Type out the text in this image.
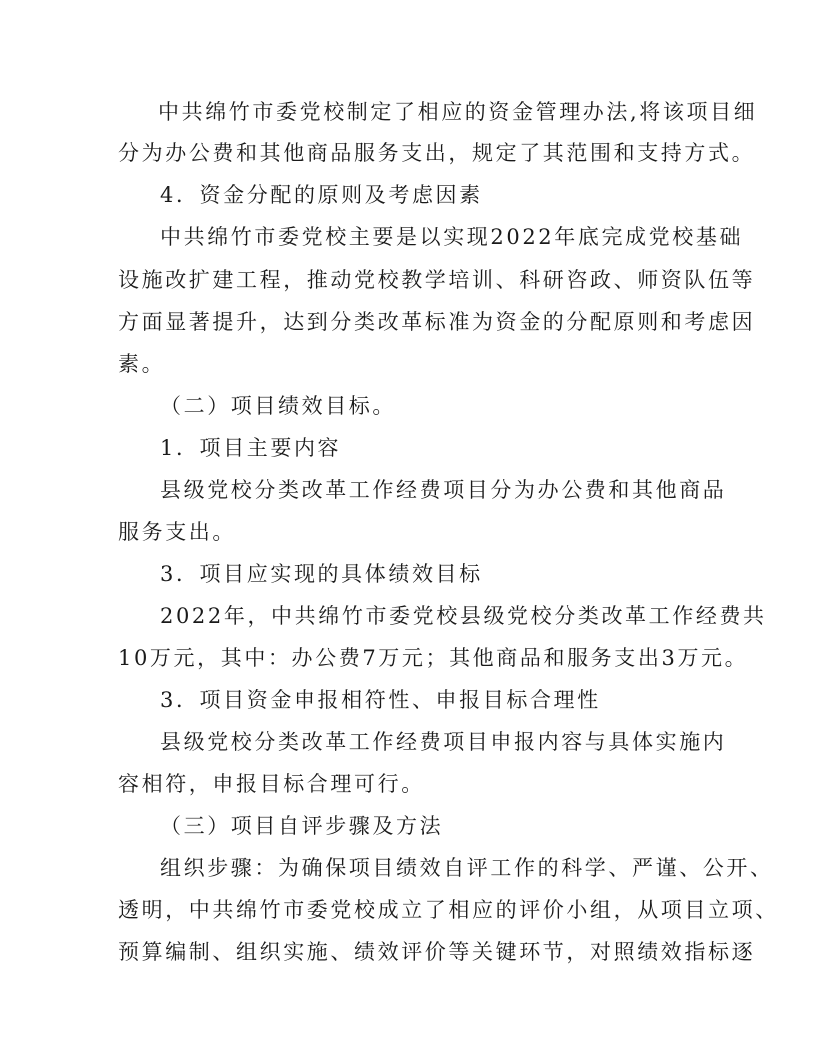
中共绵竹市委党校制定了相应的资金管理办法,将该项目细
分为办公费和其他商品服务支出，规定了其范围和支持方式。
4．资金分配的原则及考虑因素
中共绵竹市委党校主要是以实现2022年底完成党校基础
设施改扩建工程，推动党校教学培训、科研咨政、师资队伍等
方面显著提升，达到分类改革标准为资金的分配原则和考虑因
素。
（二）项目绩效目标。
1．项目主要内容
县级党校分类改革工作经费项目分为办公费和其他商品
服务支出。
3．项目应实现的具体绩效目标
2022年，中共绵竹市委党校县级党校分类改革工作经费共
10万元，其中：办公费7万元；其他商品和服务支出3万元。
3．项目资金申报相符性、申报目标合理性
县级党校分类改革工作经费项目申报内容与具体实施内
容相符，申报目标合理可行。
（三）项目自评步骤及方法
组织步骤：为确保项目绩效自评工作的科学、严谨、公开、
透明，中共绵竹市委党校成立了相应的评价小组，从项目立项、
预算编制、组织实施、绩效评价等关键环节，对照绩效指标逐
